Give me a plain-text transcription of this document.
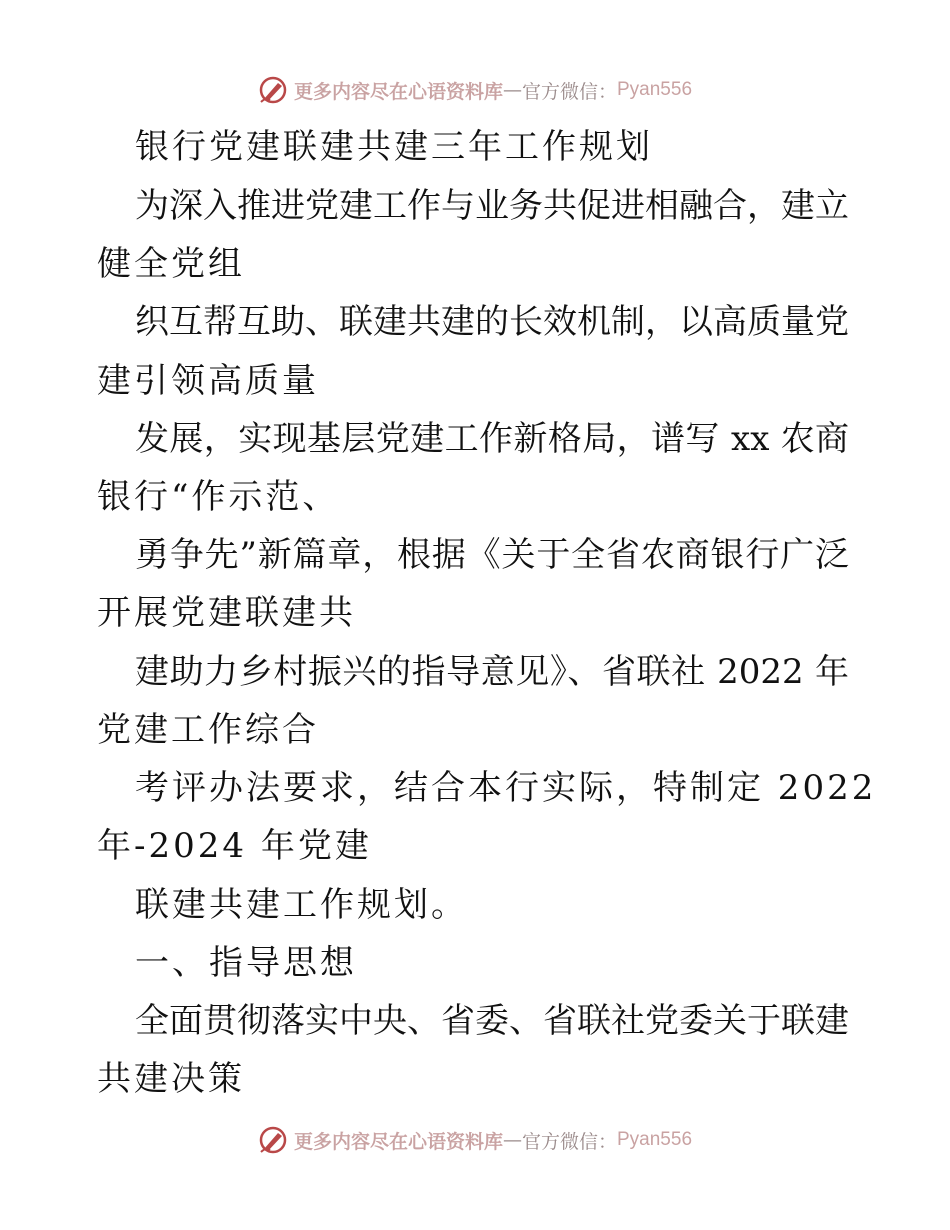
更多内容尽在心语资料库 — 官方微信： Pyan556
银行党建联建共建三年工作规划
为深入推进党建工作与业务共促进相融合，建立
健全党组
织互帮互助、联建共建的长效机制，以高质量党
建引领高质量
发展，实现基层党建工作新格局，谱写 xx 农商
银行“作示范、
勇争先”新篇章，根据《关于全省农商银行广泛
开展党建联建共
建助力乡村振兴的指导意见》、省联社 2022 年
党建工作综合
考评办法要求，结合本行实际，特制定 2022
年-2024 年党建
联建共建工作规划。
一、指导思想
全面贯彻落实中央、省委、省联社党委关于联建
共建决策
更多内容尽在心语资料库 — 官方微信： Pyan556
